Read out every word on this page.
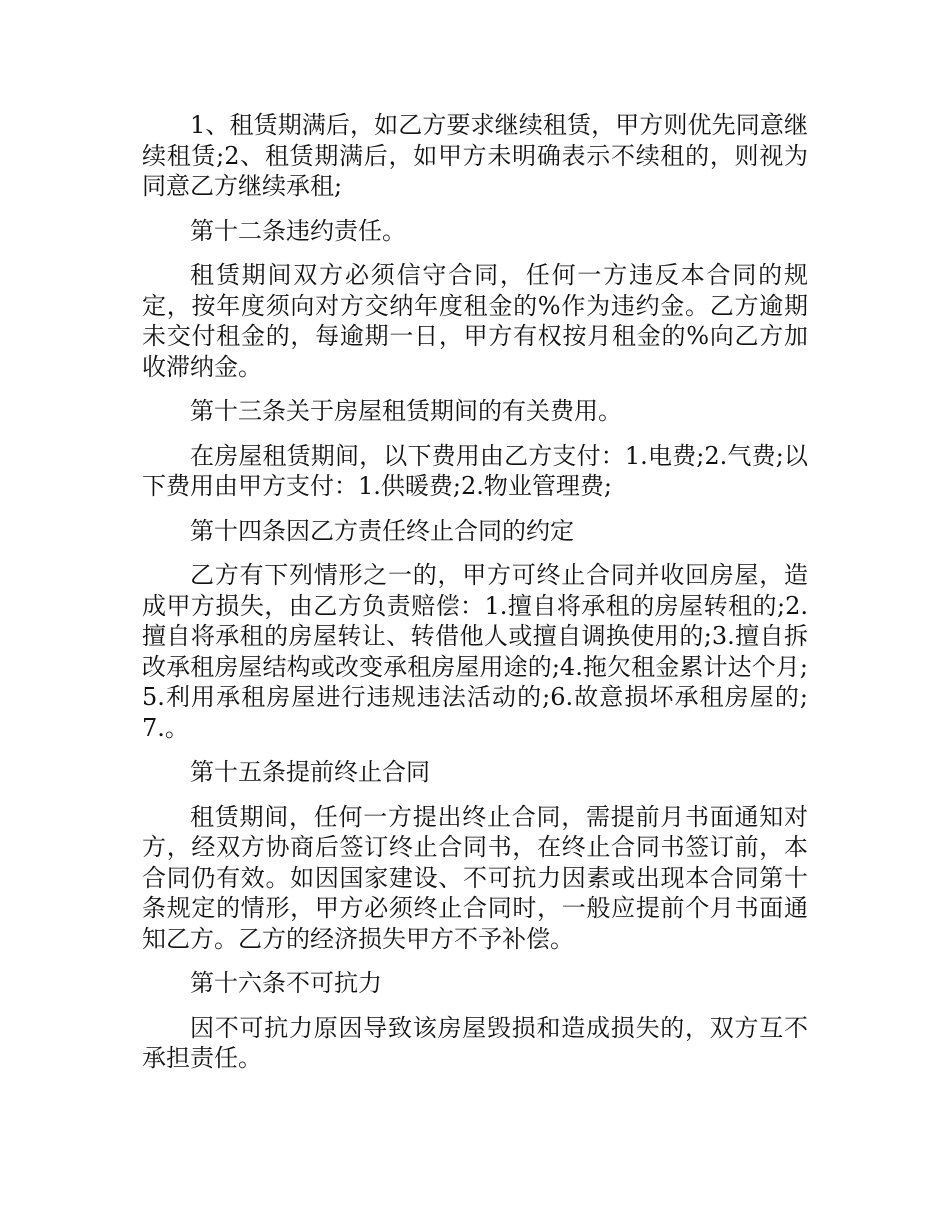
1、租赁期满后，如乙方要求继续租赁，甲方则优先同意继续租赁;2、租赁期满后，如甲方未明确表示不续租的，则视为同意乙方继续承租;

第十二条违约责任。

租赁期间双方必须信守合同，任何一方违反本合同的规定，按年度须向对方交纳年度租金的%作为违约金。乙方逾期未交付租金的，每逾期一日，甲方有权按月租金的%向乙方加收滞纳金。

第十三条关于房屋租赁期间的有关费用。

在房屋租赁期间，以下费用由乙方支付：1.电费;2.气费;以下费用由甲方支付：1.供暖费;2.物业管理费;

第十四条因乙方责任终止合同的约定

乙方有下列情形之一的，甲方可终止合同并收回房屋，造成甲方损失，由乙方负责赔偿：1.擅自将承租的房屋转租的;2.擅自将承租的房屋转让、转借他人或擅自调换使用的;3.擅自拆改承租房屋结构或改变承租房屋用途的;4.拖欠租金累计达个月;5.利用承租房屋进行违规违法活动的;6.故意损坏承租房屋的;7.。

第十五条提前终止合同

租赁期间，任何一方提出终止合同，需提前月书面通知对方，经双方协商后签订终止合同书，在终止合同书签订前，本合同仍有效。如因国家建设、不可抗力因素或出现本合同第十条规定的情形，甲方必须终止合同时，一般应提前个月书面通知乙方。乙方的经济损失甲方不予补偿。

第十六条不可抗力

因不可抗力原因导致该房屋毁损和造成损失的，双方互不承担责任。
